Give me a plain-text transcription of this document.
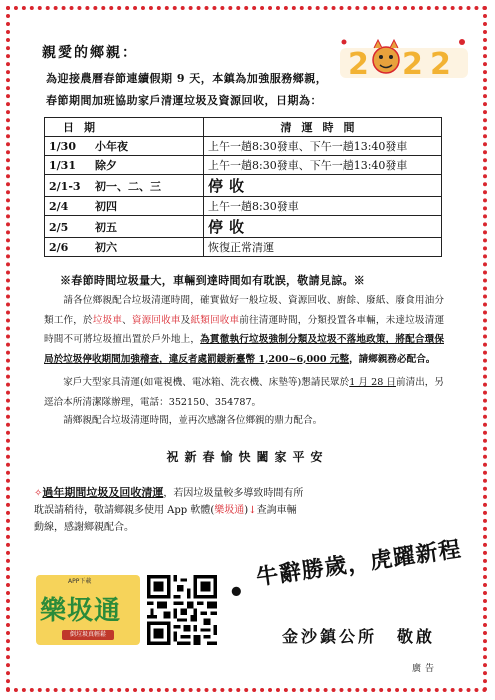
親愛的鄉親：
為迎接農曆春節連續假期 9 天，本鎮為加強服務鄉親，
春節期間加班協助家戶清運垃圾及資源回收，日期為：
2 2 2
日期	清運時間
1/30 小年夜	上午一趟8:30發車、下午一趟13:40發車
1/31 除夕	上午一趟8:30發車、下午一趟13:40發車
2/1-3 初一、二、三	停收
2/4 初四	上午一趟8:30發車
2/5 初五	停收
2/6 初六	恢復正常清運
※春節時間垃圾量大，車輛到達時間如有耽誤，敬請見諒。※
  請各位鄉親配合垃圾清運時間，確實做好一般垃圾、資源回收、廚餘、廢紙、廢食用油分類工作，於垃圾車、資源回收車及紙類回收車前往清運時間，分類投置各車輛，未達垃圾清運時間不可將垃圾擅出置於戶外地上，為貫徹執行垃圾強制分類及垃圾不落地政策，將配合環保局於垃圾停收期間加強稽查，違反者處罰鍰新臺幣 1,200~6,000 元整，請鄉親務必配合。
  家戶大型家具清運(如電視機、電冰箱、洗衣機、床墊等)懇請民眾於1 月 28 日前清出，另逕洽本所清潔隊辦理，電話：352150、354787。
  請鄉親配合垃圾清運時間，並再次感謝各位鄉親的鼎力配合。
祝新春愉快闔家平安
✧過年期間垃圾及回收清運，若因垃圾量較多導致時間有所耽誤請稍待，敬請鄉親多使用 App 軟體(樂圾通)↓查詢車輛動線，感謝鄉親配合。
APP下載
樂圾通
倒垃圾真輕鬆
•
牛辭勝歲，虎躍新程
金沙鎮公所 敬啟
廣告
